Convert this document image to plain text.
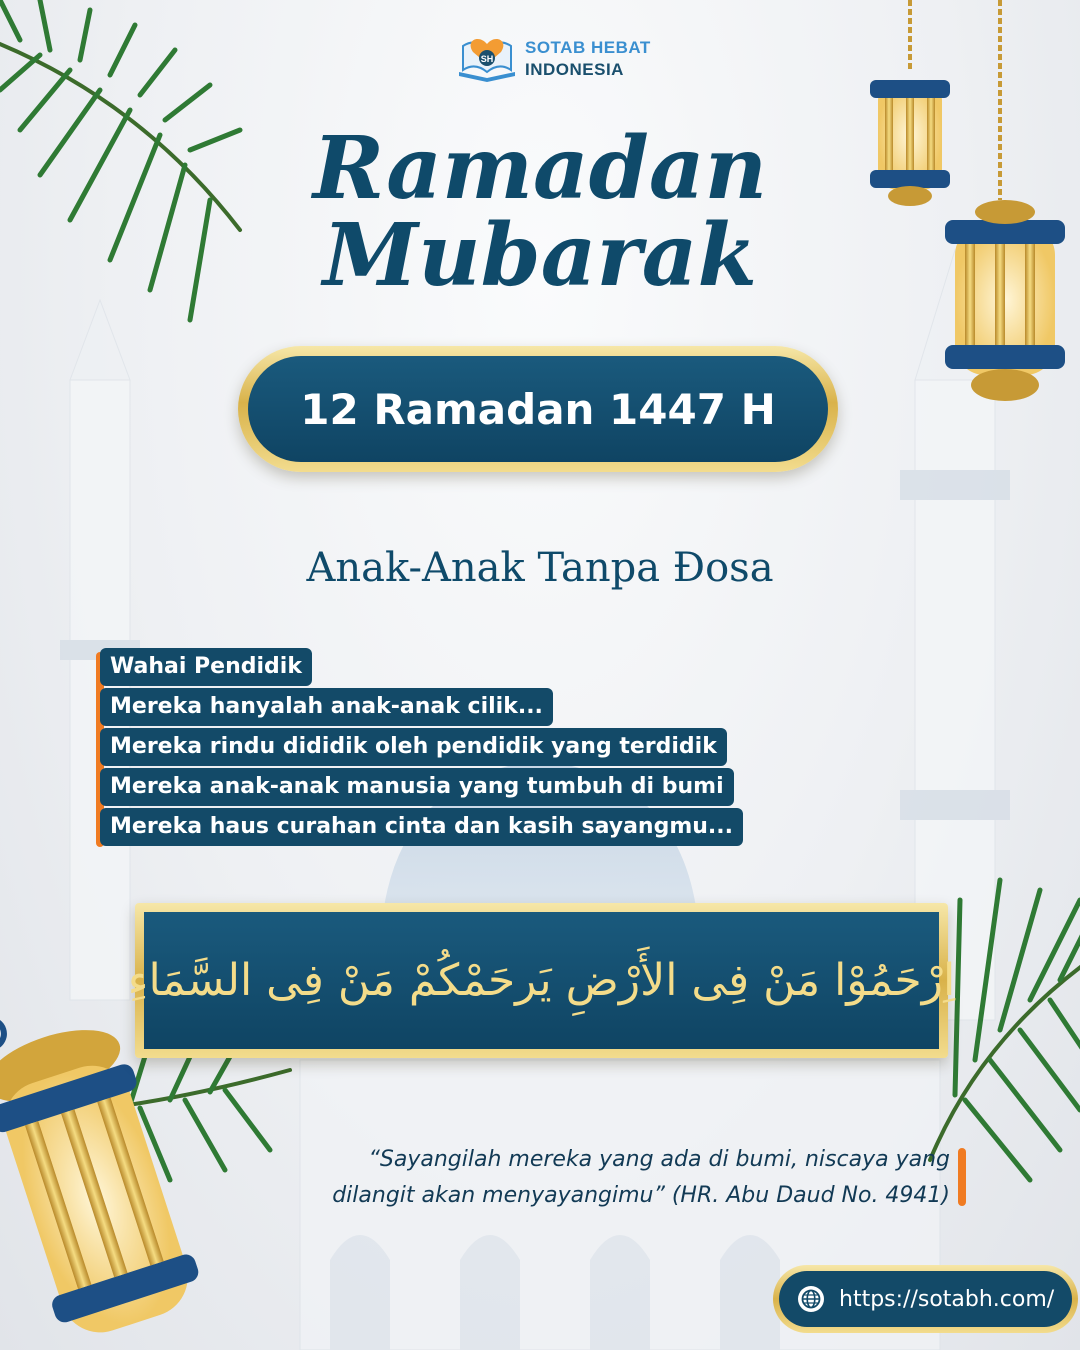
SH
SOTAB HEBAT
INDONESIA
Ramadan
Mubarak
12 Ramadan 1447 H
Anak-Anak Tanpa Đosa
Wahai Pendidik
Mereka hanyalah anak-anak cilik...
Mereka rindu dididik oleh pendidik yang terdidik
Mereka anak-anak manusia yang tumbuh di bumi
Mereka haus curahan cinta dan kasih sayangmu...
اِرْحَمُوْا مَنْ فِى الأَرْضِ يَرحَمْكُمْ مَنْ فِى السَّمَاءِ
“Sayangilah mereka yang ada di bumi, niscaya yang
dilangit akan menyayangimu” (HR. Abu Daud No. 4941)
https://sotabh.com/
